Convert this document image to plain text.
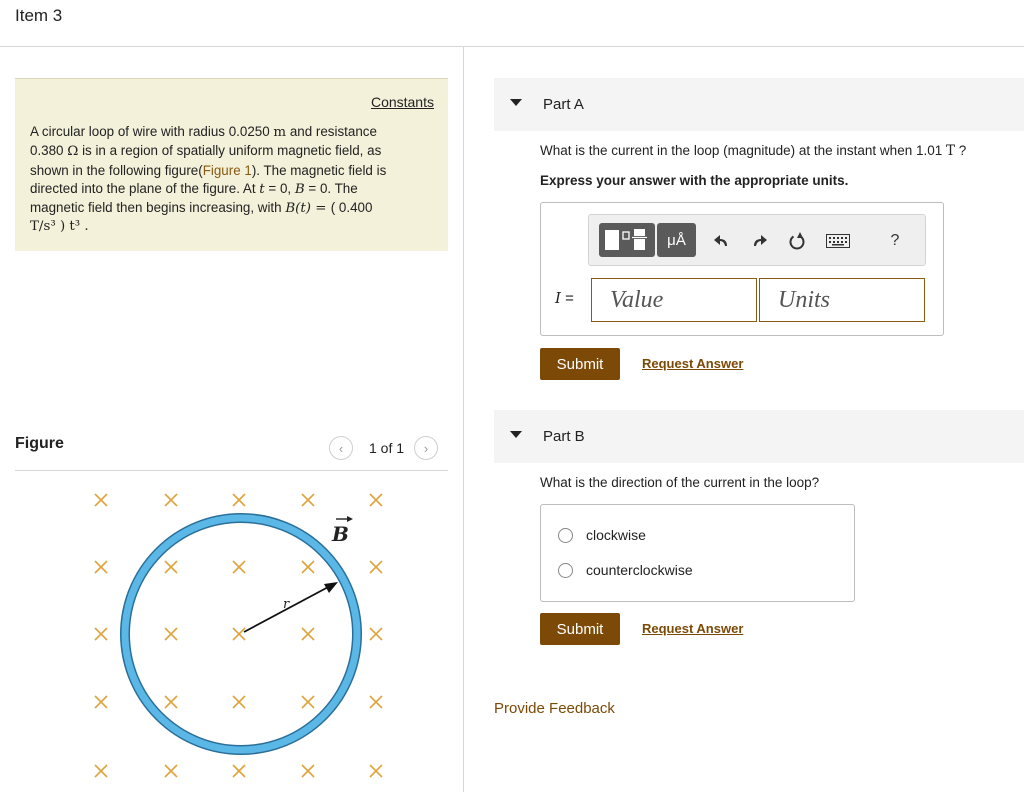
Item 3
Constants
A circular loop of wire with radius 0.0250 m and resistance
0.380 Ω is in a region of spatially uniform magnetic field, as
shown in the following figure(Figure 1). The magnetic field is
directed into the plane of the figure. At t = 0, B = 0. The
magnetic field then begins increasing, with B(t) = ( 0.400
T/s³ ) t³ .
Figure	‹ 1 of 1 ›
r
B
Part A
What is the current in the loop (magnitude) at the instant when 1.01 T ?
Express your answer with the appropriate units.
μÅ	?
I =	Value	Units
Submit	Request Answer
Part B
What is the direction of the current in the loop?
clockwise
counterclockwise
Submit	Request Answer
Provide Feedback
